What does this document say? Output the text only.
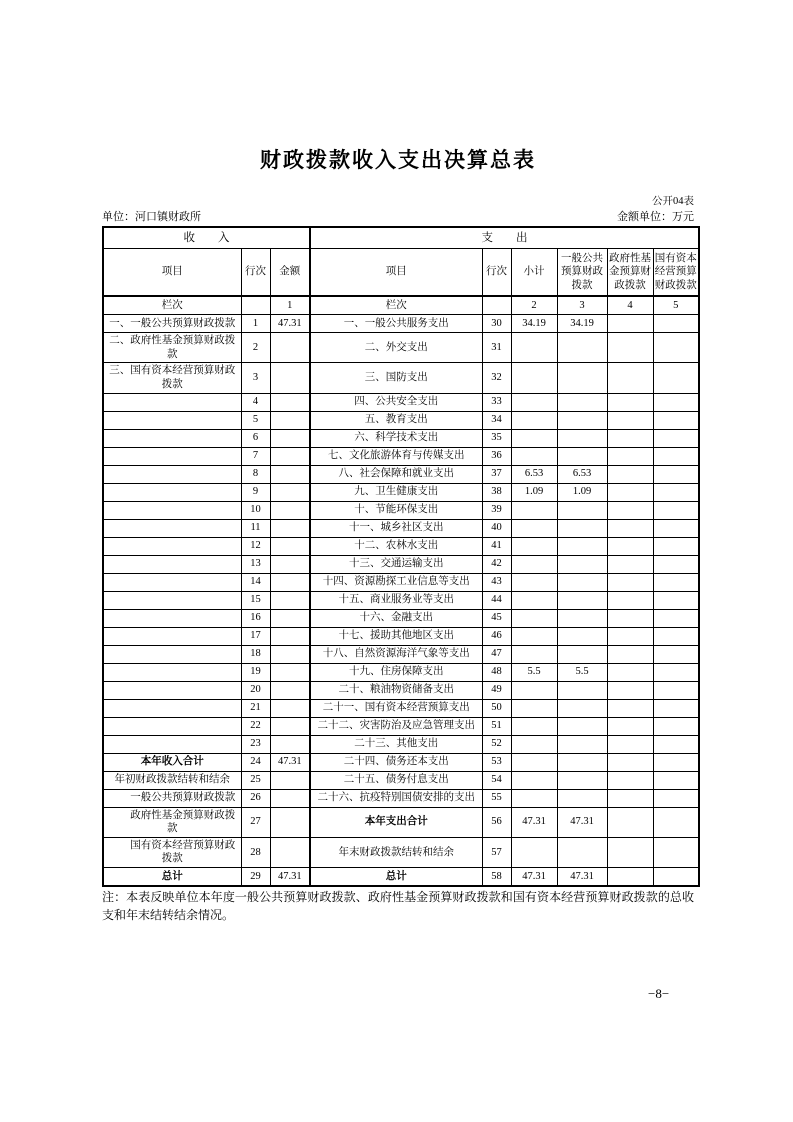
财政拨款收入支出决算总表
公开04表
单位：河口镇财政所	金额单位：万元
收　　入			支　　出					
项目	行次	金额	项目	行次	小计	一般公共预算财政拨款	政府性基金预算财政拨款	国有资本经营预算财政拨款
栏次		1	栏次		2	3	4	5
一、一般公共预算财政拨款	1	47.31	一、一般公共服务支出	30	34.19	34.19		
二、政府性基金预算财政拨款	2		二、外交支出	31				
三、国有资本经营预算财政拨款	3		三、国防支出	32				
	4		四、公共安全支出	33				
	5		五、教育支出	34				
	6		六、科学技术支出	35				
	7		七、文化旅游体育与传媒支出	36				
	8		八、社会保障和就业支出	37	6.53	6.53		
	9		九、卫生健康支出	38	1.09	1.09		
	10		十、节能环保支出	39				
	11		十一、城乡社区支出	40				
	12		十二、农林水支出	41				
	13		十三、交通运输支出	42				
	14		十四、资源勘探工业信息等支出	43				
	15		十五、商业服务业等支出	44				
	16		十六、金融支出	45				
	17		十七、援助其他地区支出	46				
	18		十八、自然资源海洋气象等支出	47				
	19		十九、住房保障支出	48	5.5	5.5		
	20		二十、粮油物资储备支出	49				
	21		二十一、国有资本经营预算支出	50				
	22		二十二、灾害防治及应急管理支出	51				
	23		二十三、其他支出	52				
本年收入合计	24	47.31	二十四、债务还本支出	53				
年初财政拨款结转和结余	25		二十五、债务付息支出	54				
一般公共预算财政拨款	26		二十六、抗疫特别国债安排的支出	55				
政府性基金预算财政拨款	27		本年支出合计	56	47.31	47.31		
国有资本经营预算财政拨款	28		年末财政拨款结转和结余	57				
总计	29	47.31	总计	58	47.31	47.31		
注：本表反映单位本年度一般公共预算财政拨款、政府性基金预算财政拨款和国有资本经营预算财政拨款的总收支和年末结转结余情况。
−8−
